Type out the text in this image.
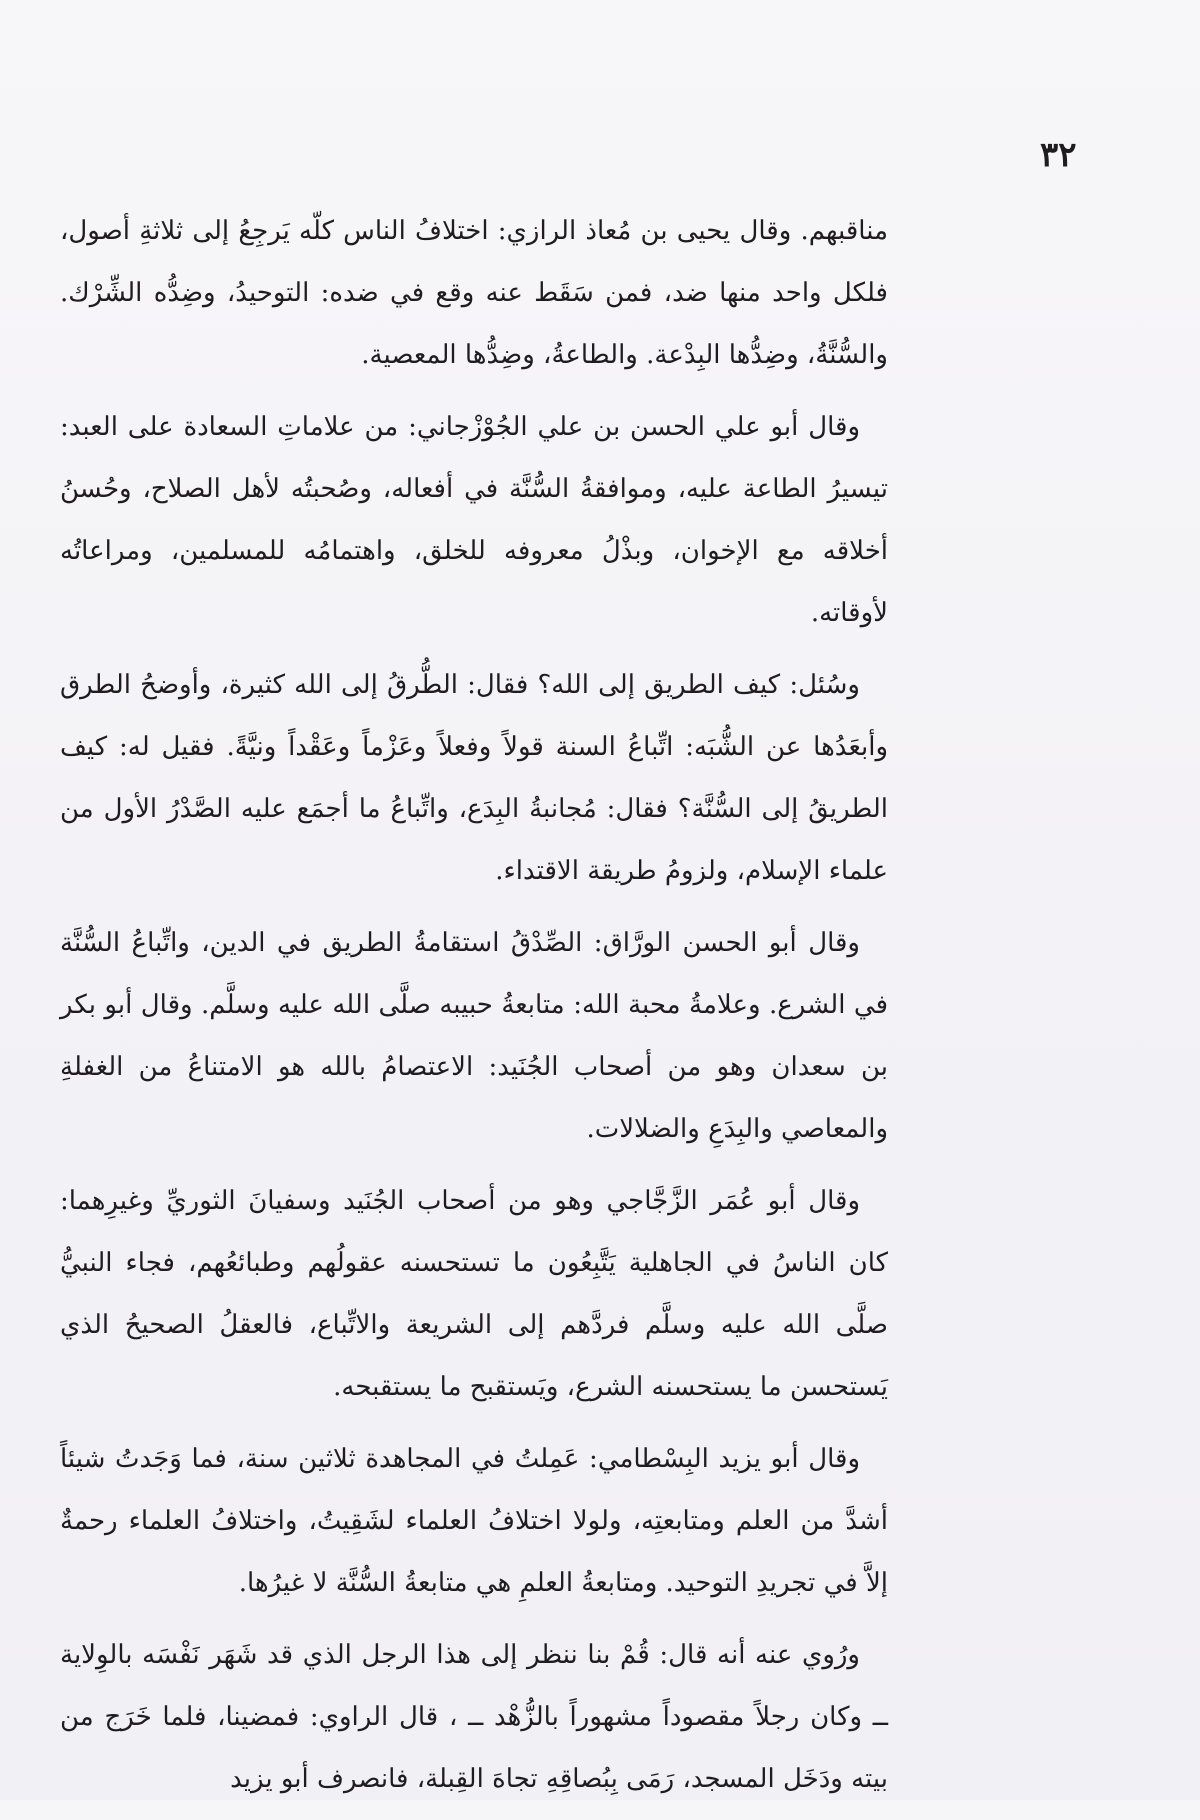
٣٢

مناقبهم. وقال يحيى بن مُعاذ الرازي: اختلافُ الناس كلّه يَرجِعُ إلى ثلاثةِ أصول، فلكل واحد منها ضد، فمن سَقَط عنه وقع في ضده: التوحيدُ، وضِدُّه الشِّرْك. والسُّنَّةُ، وضِدُّها البِدْعة. والطاعةُ، وضِدُّها المعصية.

وقال أبو علي الحسن بن علي الجُوْزْجاني: من علاماتِ السعادة على العبد: تيسيرُ الطاعة عليه، وموافقةُ السُّنَّة في أفعاله، وصُحبتُه لأهل الصلاح، وحُسنُ أخلاقه مع الإخوان، وبذْلُ معروفه للخلق، واهتمامُه للمسلمين، ومراعاتُه لأوقاته.

وسُئل: كيف الطريق إلى الله؟ فقال: الطُّرقُ إلى الله كثيرة، وأوضحُ الطرق وأبعَدُها عن الشُّبَه: اتِّباعُ السنة قولاً وفعلاً وعَزْماً وعَقْداً ونيَّةً. فقيل له: كيف الطريقُ إلى السُّنَّة؟ فقال: مُجانبةُ البِدَع، واتِّباعُ ما أجمَع عليه الصَّدْرُ الأول من علماء الإسلام، ولزومُ طريقة الاقتداء.

وقال أبو الحسن الورَّاق: الصِّدْقُ استقامةُ الطريق في الدين، واتِّباعُ السُّنَّة في الشرع. وعلامةُ محبة الله: متابعةُ حبيبه صلَّى الله عليه وسلَّم. وقال أبو بكر بن سعدان وهو من أصحاب الجُنَيد: الاعتصامُ بالله هو الامتناعُ من الغفلةِ والمعاصي والبِدَعِ والضلالات.

وقال أبو عُمَر الزَّجَّاجي وهو من أصحاب الجُنَيد وسفيانَ الثوريِّ وغيرِهما: كان الناسُ في الجاهلية يَتَّبِعُون ما تستحسنه عقولُهم وطبائعُهم، فجاء النبيُّ صلَّى الله عليه وسلَّم فردَّهم إلى الشريعة والاتِّباع، فالعقلُ الصحيحُ الذي يَستحسن ما يستحسنه الشرع، ويَستقبح ما يستقبحه.

وقال أبو يزيد البِسْطامي: عَمِلتُ في المجاهدة ثلاثين سنة، فما وَجَدتُ شيئاً أشدَّ من العلم ومتابعتِه، ولولا اختلافُ العلماء لشَقِيتُ، واختلافُ العلماء رحمةٌ إلاَّ في تجريدِ التوحيد. ومتابعةُ العلمِ هي متابعةُ السُّنَّة لا غيرُها.

ورُوي عنه أنه قال: قُمْ بنا ننظر إلى هذا الرجل الذي قد شَهَر نَفْسَه بالوِلاية ــ وكان رجلاً مقصوداً مشهوراً بالزُّهْد ــ ، قال الراوي: فمضينا، فلما خَرَج من بيته ودَخَل المسجد، رَمَى بِبُصاقِهِ تجاهَ القِبلة، فانصرف أبو يزيد
